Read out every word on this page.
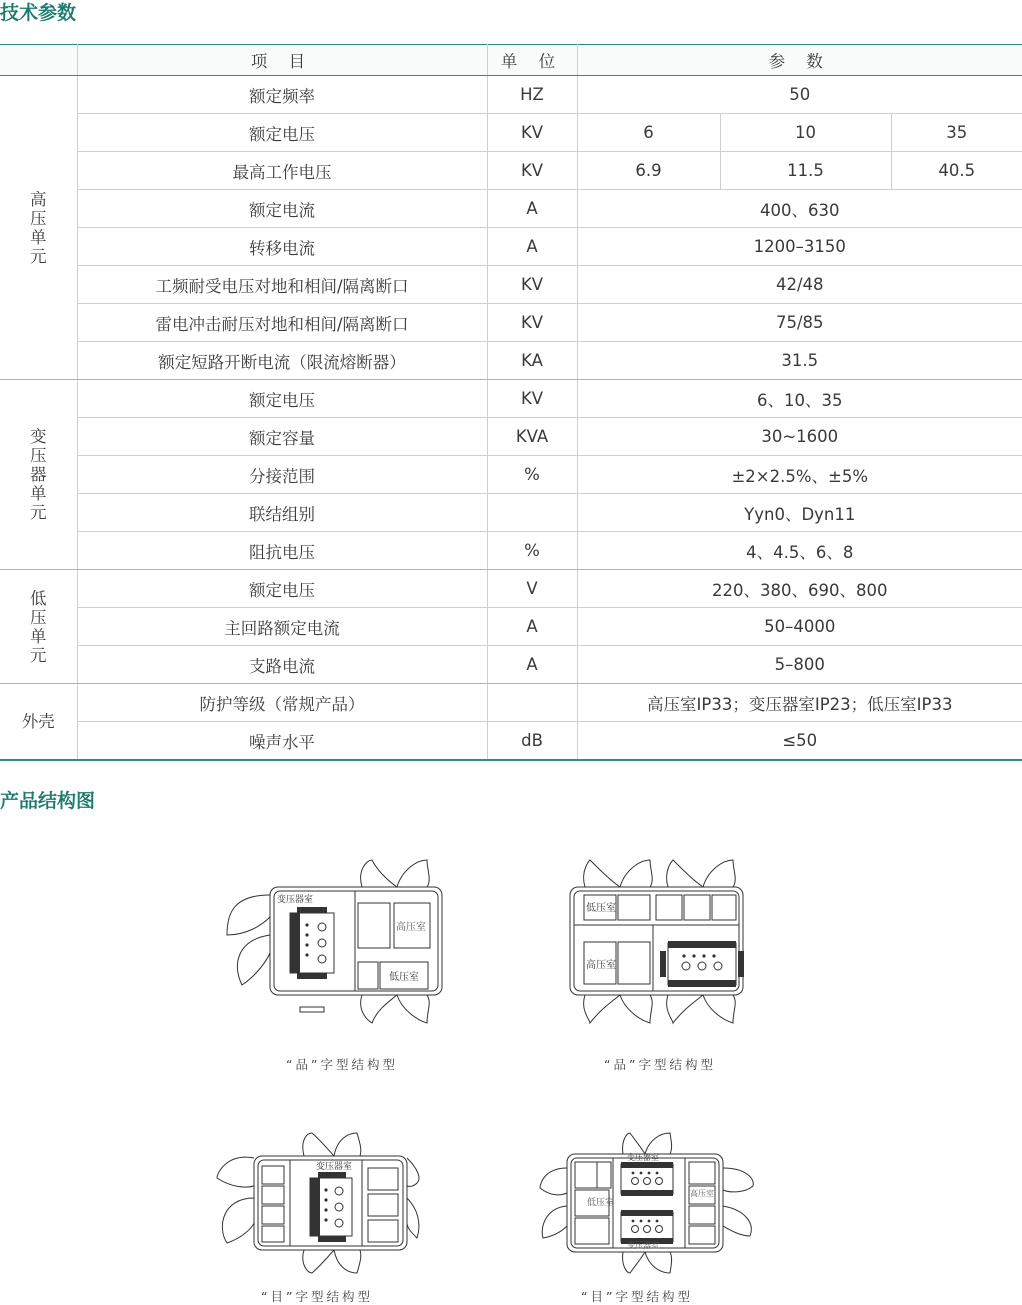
技术参数
	项 目	单 位	参 数		

高
压
单
元	额定频率	HZ	50		
	额定电压	KV	6	10	35
	最高工作电压	KV	6.9	11.5	40.5
	额定电流	A	400、630		
	转移电流	A	1200–3150		
	工频耐受电压对地和相间/隔离断口	KV	42/48		
	雷电冲击耐压对地和相间/隔离断口	KV	75/85		
	额定短路开断电流（限流熔断器）	KA	31.5		

变
压
器
单
元	额定电压	KV	6、10、35		
	额定容量	KVA	30~1600		
	分接范围	%	±2×2.5%、±5%		
	联结组别		Yyn0、Dyn11		
	阻抗电压	%	4、4.5、6、8		

低
压
单
元	额定电压	V	220、380、690、800		
	主回路额定电流	A	50–4000		
	支路电流	A	5–800		
外壳	防护等级（常规产品）		高压室IP33；变压器室IP23；低压室IP33		
	噪声水平	dB	≤50		
产品结构图
变压器室
高压室
低压室
“品”字型结构型
低压室
高压室
“品”字型结构型
变压器室
“目”字型结构型
变压器室
低压室
高压室
变压器室
“目”字型结构型
